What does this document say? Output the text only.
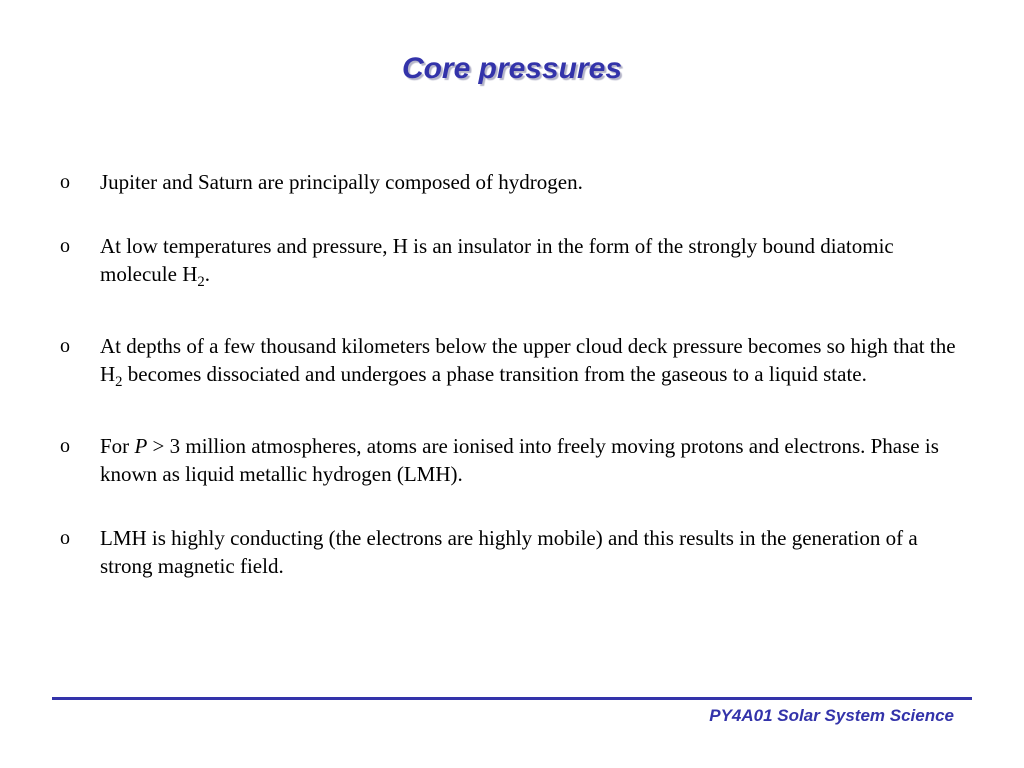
Core pressures
o Jupiter and Saturn are principally composed of hydrogen.
o At low temperatures and pressure, H is an insulator in the form of the strongly bound diatomic molecule $H_2$.
o At depths of a few thousand kilometers below the upper cloud deck pressure becomes so high that the $H_2$ becomes dissociated and undergoes a phase transition from the gaseous to a liquid state.
o For P > 3 million atmospheres, atoms are ionised into freely moving protons and electrons. Phase is known as liquid metallic hydrogen (LMH).
o LMH is highly conducting (the electrons are highly mobile) and this results in the generation of a strong magnetic field.
PY4A01 Solar System Science
